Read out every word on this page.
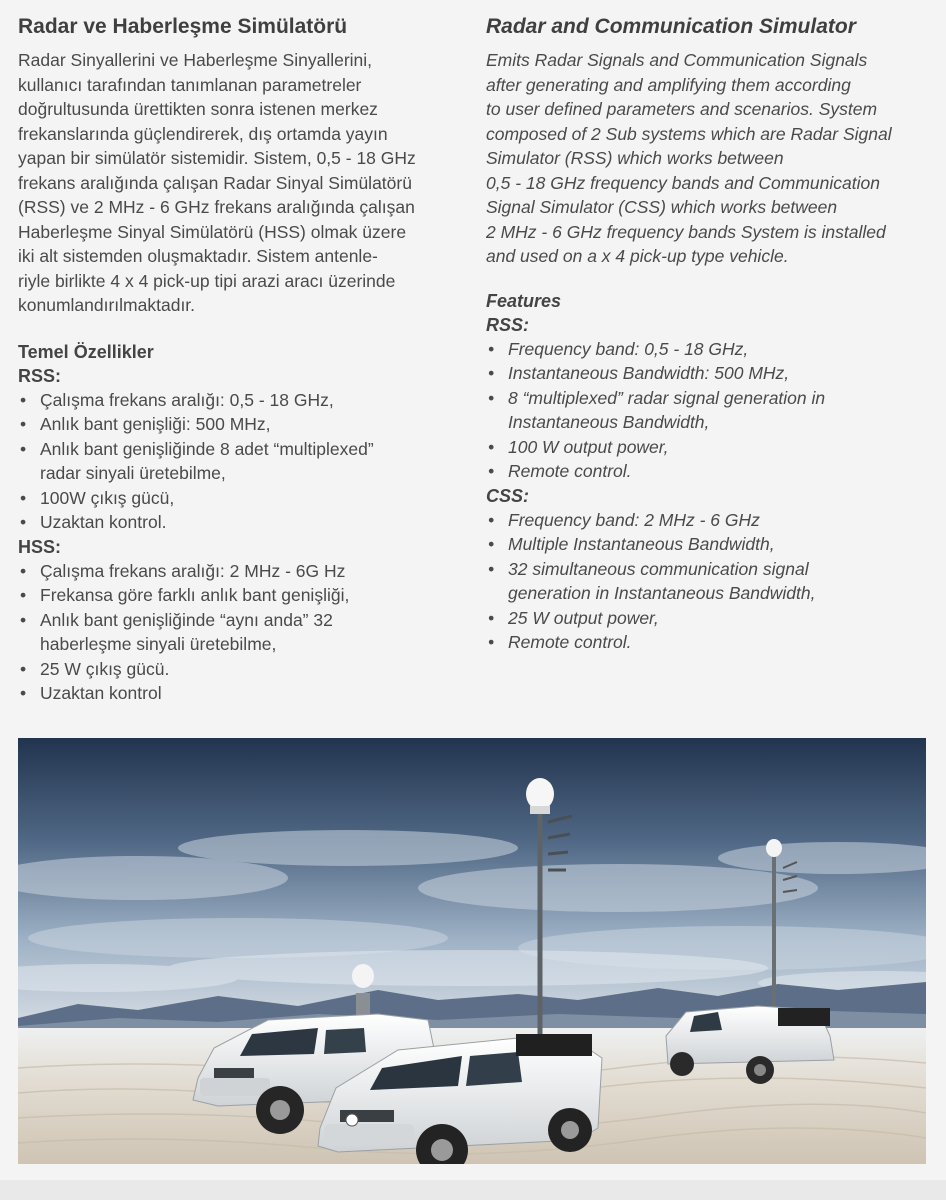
Radar ve Haberleşme Simülatörü
Radar Sinyallerini ve Haberleşme Sinyallerini,
kullanıcı tarafından tanımlanan parametreler
doğrultusunda ürettikten sonra istenen merkez
frekanslarında güçlendirerek, dış ortamda yayın
yapan bir simülatör sistemidir. Sistem, 0,5 - 18 GHz
frekans aralığında çalışan Radar Sinyal Simülatörü
(RSS) ve 2 MHz - 6 GHz frekans aralığında çalışan
Haberleşme Sinyal Simülatörü (HSS) olmak üzere
iki alt sistemden oluşmaktadır. Sistem antenle-
riyle birlikte 4 x 4 pick-up tipi arazi aracı üzerinde
konumlandırılmaktadır.
Temel Özellikler
RSS:
• Çalışma frekans aralığı: 0,5 - 18 GHz,
• Anlık bant genişliği: 500 MHz,
• Anlık bant genişliğinde 8 adet “multiplexed”
radar sinyali üretebilme,
• 100W çıkış gücü,
• Uzaktan kontrol.
HSS:
• Çalışma frekans aralığı: 2 MHz - 6G Hz
• Frekansa göre farklı anlık bant genişliği,
• Anlık bant genişliğinde “aynı anda” 32
haberleşme sinyali üretebilme,
• 25 W çıkış gücü.
• Uzaktan kontrol
Radar and Communication Simulator
Emits Radar Signals and Communication Signals
after generating and amplifying them according
to user defined parameters and scenarios. System
composed of 2 Sub systems which are Radar Signal
Simulator (RSS) which works between
0,5 - 18 GHz frequency bands and Communication
Signal Simulator (CSS) which works between
2 MHz - 6 GHz frequency bands System is installed
and used on a x 4 pick-up type vehicle.
Features
RSS:
• Frequency band: 0,5 - 18 GHz,
• Instantaneous Bandwidth: 500 MHz,
• 8 “multiplexed” radar signal generation in
Instantaneous Bandwidth,
• 100 W output power,
• Remote control.
CSS:
• Frequency band: 2 MHz - 6 GHz
• Multiple Instantaneous Bandwidth,
• 32 simultaneous communication signal
generation in Instantaneous Bandwidth,
• 25 W output power,
• Remote control.
